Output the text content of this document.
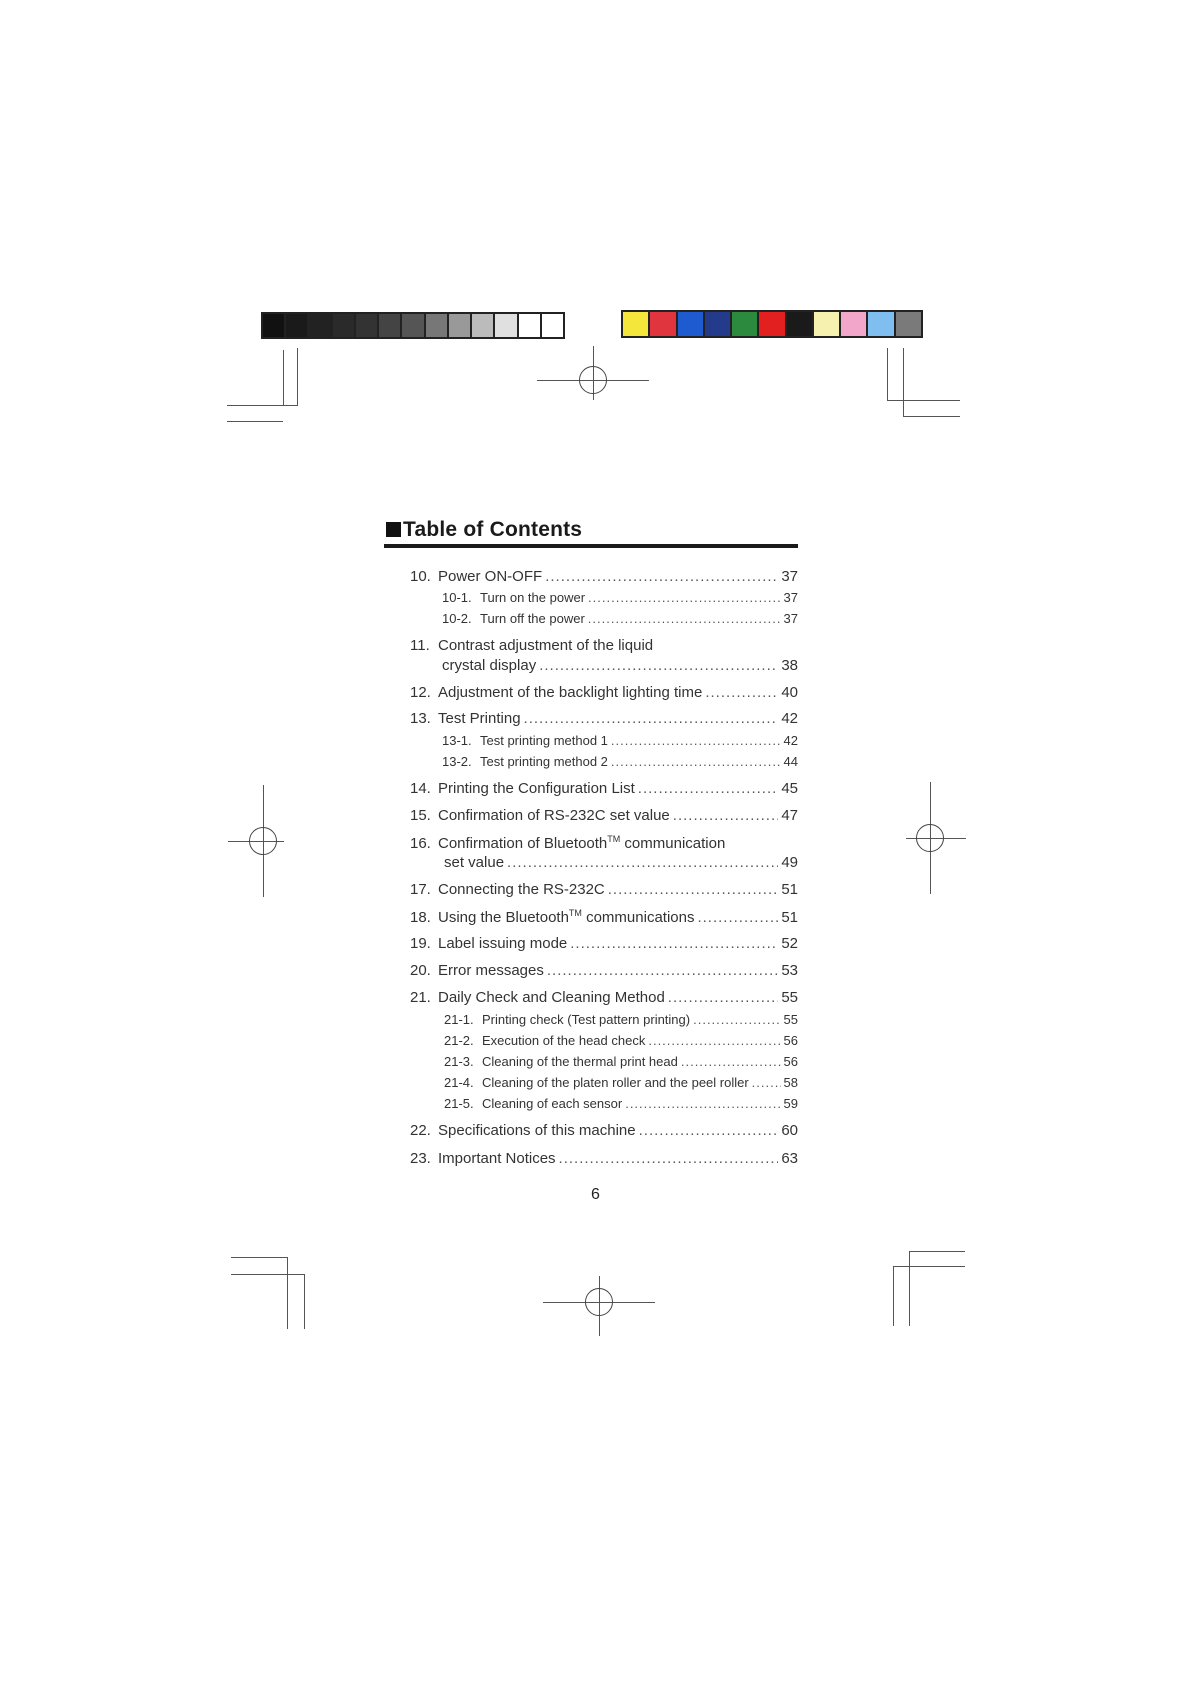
Table of Contents
10. Power ON-OFF .....	37
10-1. Turn on the power .....	37
10-2. Turn off the power .....	37
11. Contrast adjustment of the liquid
crystal display .....	38
12. Adjustment of the backlight lighting time .....	40
13. Test Printing .....	42
13-1. Test printing method 1 .....	42
13-2. Test printing method 2 .....	44
14. Printing the Configuration List .....	45
15. Confirmation of RS-232C set value .....	47
16. Confirmation of Bluetooth™ communication
set value .....	49
17. Connecting the RS-232C .....	51
18. Using the Bluetooth™ communications .....	51
19. Label issuing mode .....	52
20. Error messages .....	53
21. Daily Check and Cleaning Method .....	55
21-1. Printing check (Test pattern printing) .....	55
21-2. Execution of the head check .....	56
21-3. Cleaning of the thermal print head .....	56
21-4. Cleaning of the platen roller and the peel roller .....	58
21-5. Cleaning of each sensor .....	59
22. Specifications of this machine .....	60
23. Important Notices .....	63
6
